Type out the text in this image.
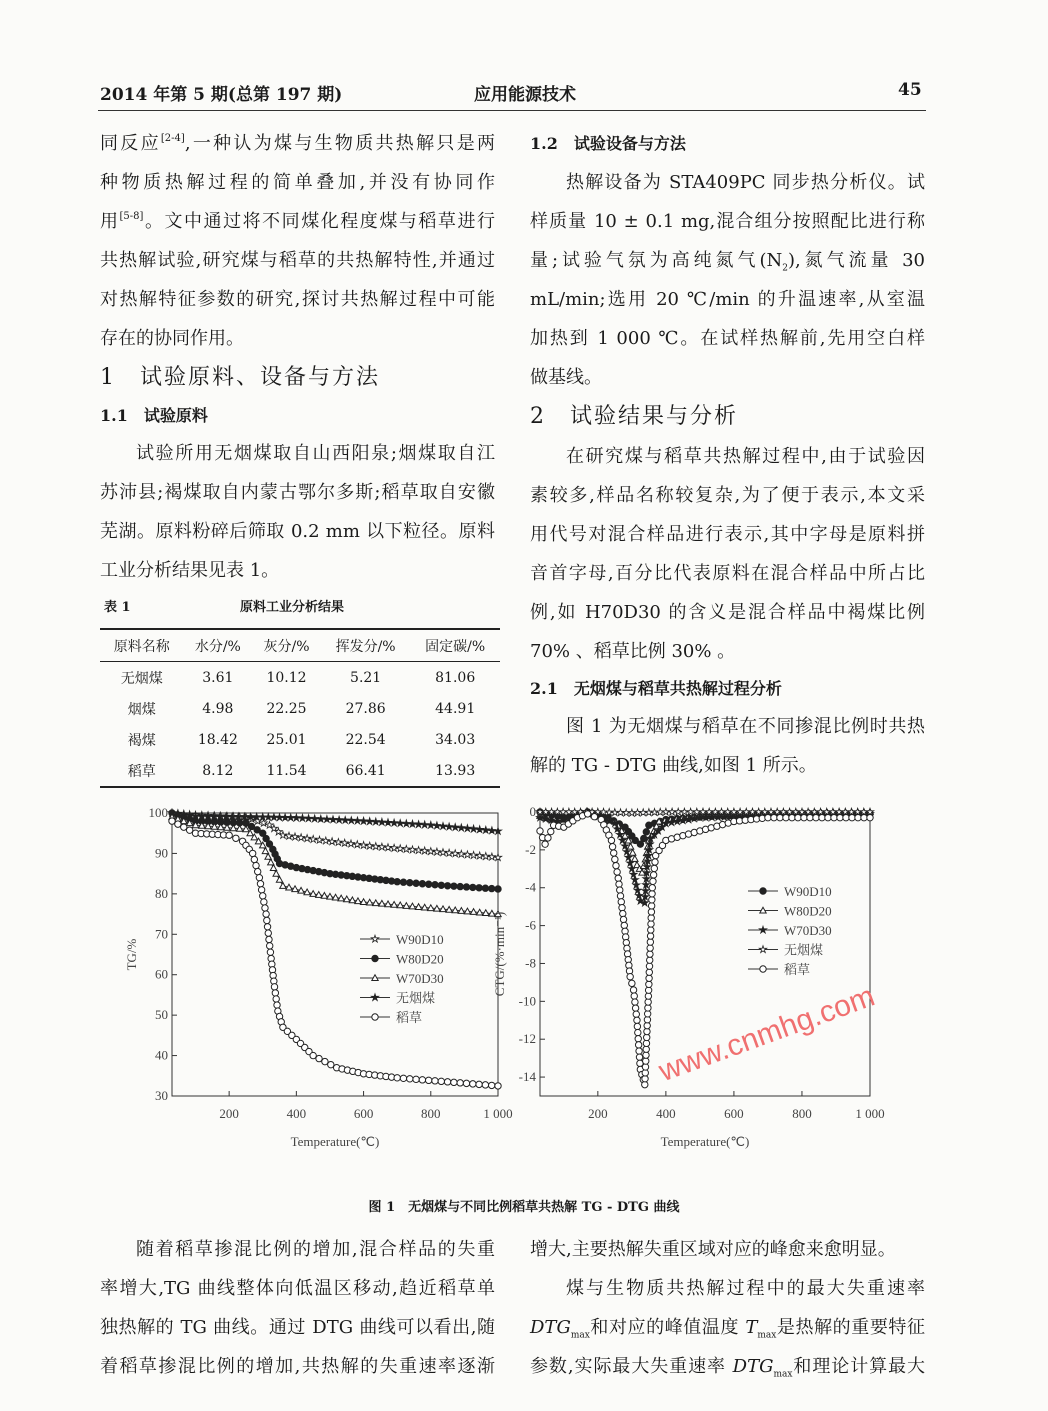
2014 年第 5 期(总第 197 期)	应用能源技术	45
同反应[2-4],一种认为煤与生物质共热解只是两
种物质热解过程的简单叠加,并没有协同作
用[5-8]。文中通过将不同煤化程度煤与稻草进行
共热解试验,研究煤与稻草的共热解特性,并通过
对热解特征参数的研究,探讨共热解过程中可能
存在的协同作用。
1　试验原料、设备与方法
1.1　试验原料
试验所用无烟煤取自山西阳泉;烟煤取自江
苏沛县;褐煤取自内蒙古鄂尔多斯;稻草取自安徽
芜湖。原料粉碎后筛取 0.2 mm 以下粒径。原料
工业分析结果见表 1。
表 1	原料工业分析结果
原料名称	水分/%	灰分/%	挥发分/%	固定碳/%
无烟煤	3.61	10.12	5.21	81.06
烟煤	4.98	22.25	27.86	44.91
褐煤	18.42	25.01	22.54	34.03
稻草	8.12	11.54	66.41	13.93
1.2　试验设备与方法
热解设备为 STA409PC 同步热分析仪。试
样质量 10 ± 0.1 mg,混合组分按照配比进行称
量;试验气氛为高纯氮气$(N_2)$,氮气流量 30
mL/min;选用 20 ℃/min 的升温速率,从室温
加热到 1 000 ℃。在试样热解前,先用空白样
做基线。
2　试验结果与分析
在研究煤与稻草共热解过程中,由于试验因
素较多,样品名称较复杂,为了便于表示,本文采
用代号对混合样品进行表示,其中字母是原料拼
音首字母,百分比代表原料在混合样品中所占比
例,如 H70D30 的含义是混合样品中褐煤比例
70% 、稻草比例 30% 。
2.1　无烟煤与稻草共热解过程分析
图 1 为无烟煤与稻草在不同掺混比例时共热
解的 TG - DTG 曲线,如图 1 所示。
200	400	600	800	1 000
30
40
50
60
70
80
90
100
Temperature(℃)
TG/%	W90D10
W80D20
W70D30
无烟煤
稻草
200	400	600	800	1 000
0
-2
-4
-6
-8
-10
-12
-14
Temperature(℃)
CTG/(%·min⁻¹)
W90D10
W80D20
W70D30
无烟煤
稻草
www.cnmhg.com
图 1　无烟煤与不同比例稻草共热解 TG - DTG 曲线
随着稻草掺混比例的增加,混合样品的失重
率增大,TG 曲线整体向低温区移动,趋近稻草单
独热解的 TG 曲线。通过 DTG 曲线可以看出,随
着稻草掺混比例的增加,共热解的失重速率逐渐
增大,主要热解失重区域对应的峰愈来愈明显。
煤与生物质共热解过程中的最大失重速率
$DTG_{max}$和对应的峰值温度 $T_{max}$是热解的重要特征
参数,实际最大失重速率 $DTG_{max}$和理论计算最大
